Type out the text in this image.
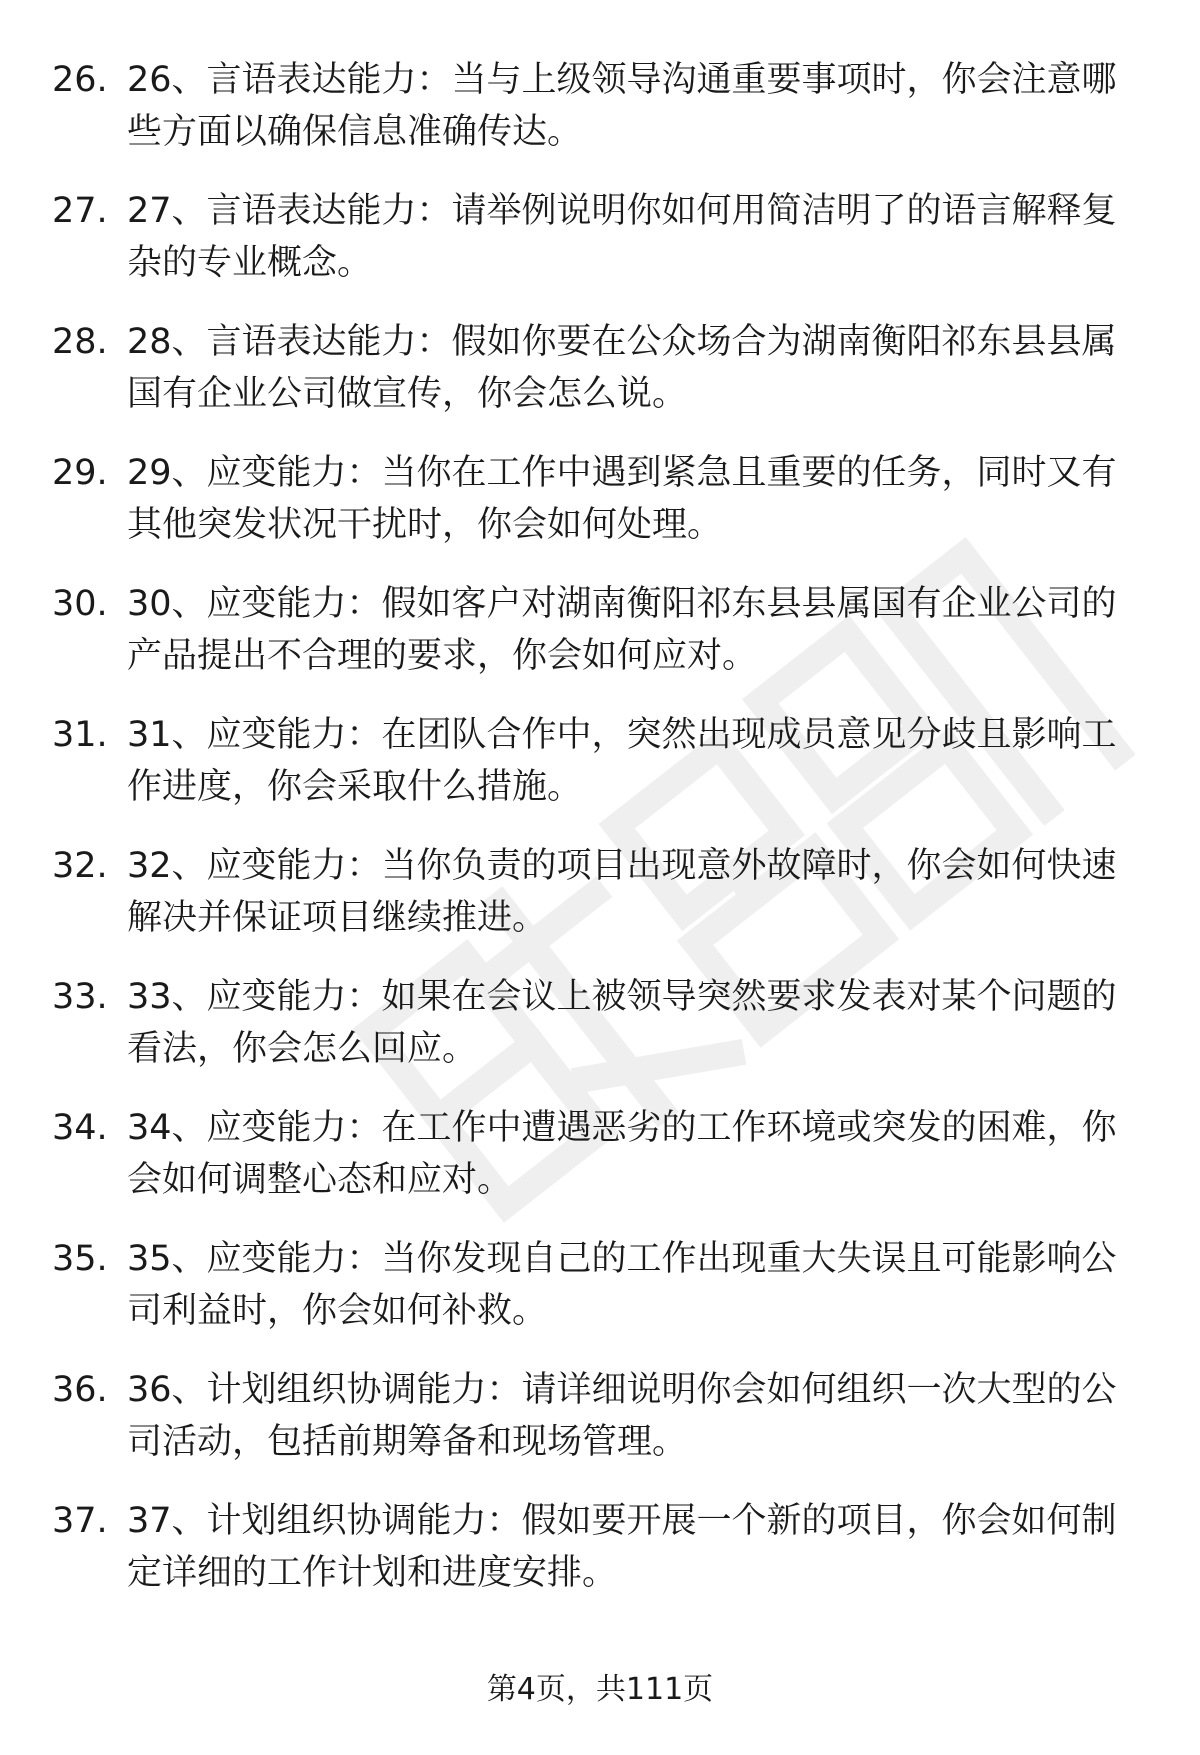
26. 26、言语表达能力：当与上级领导沟通重要事项时，你会注意哪些方面以确保信息准确传达。
27. 27、言语表达能力：请举例说明你如何用简洁明了的语言解释复杂的专业概念。
28. 28、言语表达能力：假如你要在公众场合为湖南衡阳祁东县县属国有企业公司做宣传，你会怎么说。
29. 29、应变能力：当你在工作中遇到紧急且重要的任务，同时又有其他突发状况干扰时，你会如何处理。
30. 30、应变能力：假如客户对湖南衡阳祁东县县属国有企业公司的产品提出不合理的要求，你会如何应对。
31. 31、应变能力：在团队合作中，突然出现成员意见分歧且影响工作进度，你会采取什么措施。
32. 32、应变能力：当你负责的项目出现意外故障时，你会如何快速解决并保证项目继续推进。
33. 33、应变能力：如果在会议上被领导突然要求发表对某个问题的看法，你会怎么回应。
34. 34、应变能力：在工作中遭遇恶劣的工作环境或突发的困难，你会如何调整心态和应对。
35. 35、应变能力：当你发现自己的工作出现重大失误且可能影响公司利益时，你会如何补救。
36. 36、计划组织协调能力：请详细说明你会如何组织一次大型的公司活动，包括前期筹备和现场管理。
37. 37、计划组织协调能力：假如要开展一个新的项目，你会如何制定详细的工作计划和进度安排。
第4页，共111页
